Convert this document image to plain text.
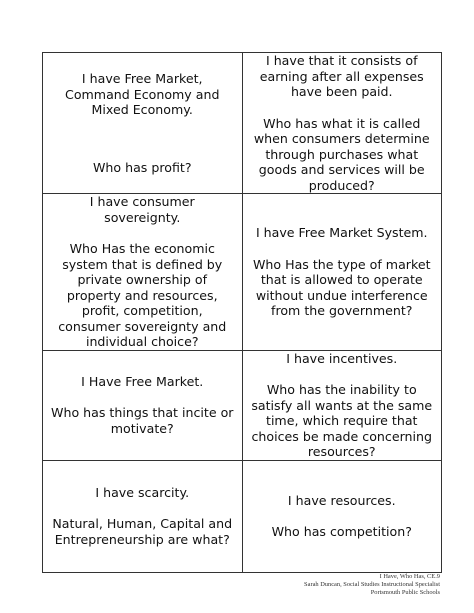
I have Free Market, Command Economy and Mixed Economy.
Who has profit?	I have that it consists of earning after all expenses have been paid.
Who has what it is called when consumers determine through purchases what goods and services will be produced?

I have consumer sovereignty.
Who Has the economic system that is defined by private ownership of property and resources, profit, competition, consumer sovereignty and individual choice?	I have Free Market System.
Who Has the type of market that is allowed to operate without undue interference from the government?

I Have Free Market.
Who has things that incite or motivate?	I have incentives.
Who has the inability to satisfy all wants at the same time, which require that choices be made concerning resources?

I have scarcity.
Natural, Human, Capital and Entrepreneurship are what?	I have resources.
Who has competition?
I Have, Who Has, CE.9
Sarah Duncan, Social Studies Instructional Specialist
Portsmouth Public Schools
